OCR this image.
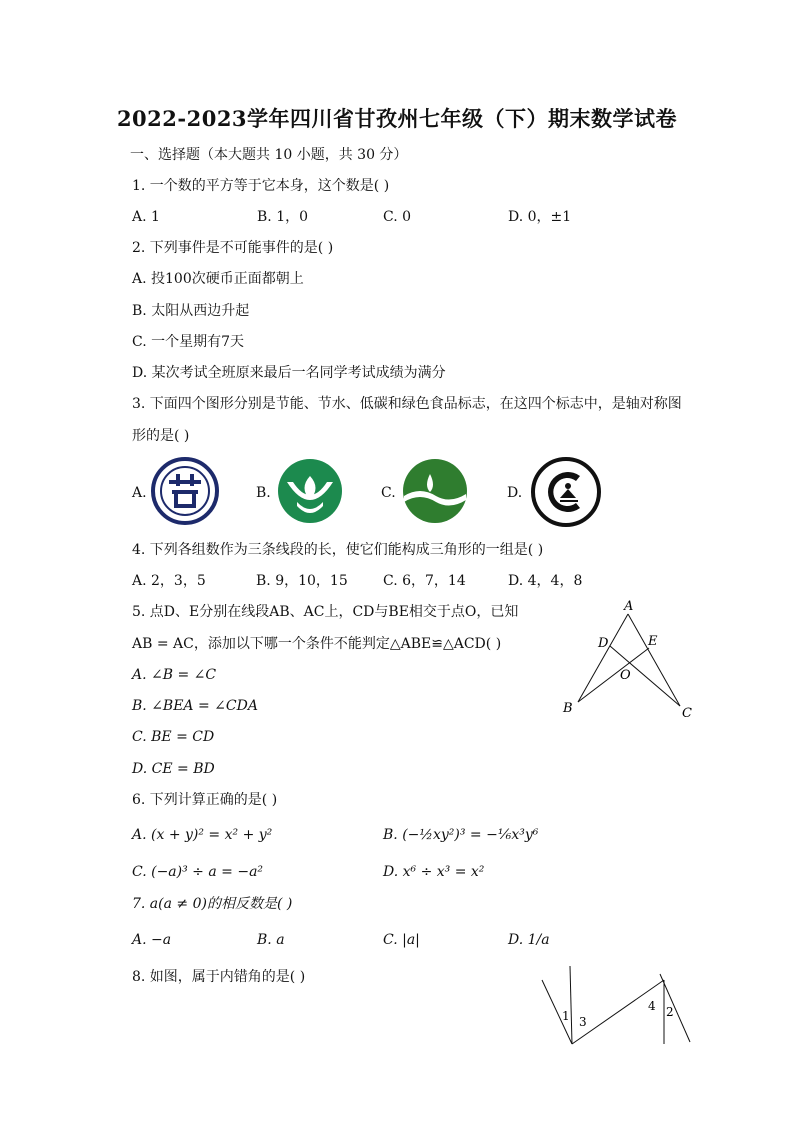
2022-2023学年四川省甘孜州七年级（下）期末数学试卷
一、选择题（本大题共 10 小题，共 30 分）
1. 一个数的平方等于它本身，这个数是( )
A. 1	B. 1，0	C. 0	D. 0，±1
2. 下列事件是不可能事件的是( )
A. 投100次硬币正面都朝上
B. 太阳从西边升起
C. 一个星期有7天
D. 某次考试全班原来最后一名同学考试成绩为满分
3. 下面四个图形分别是节能、节水、低碳和绿色食品标志，在这四个标志中，是轴对称图
形的是( )
A.	B.	C.	D.
4. 下列各组数作为三条线段的长，使它们能构成三角形的一组是( )
A. 2，3，5	B. 9，10，15	C. 6，7，14	D. 4，4，8
5. 点D、E分别在线段AB、AC上，CD与BE相交于点O，已知
AB = AC，添加以下哪一个条件不能判定△ABE≌△ACD( )
A. ∠B = ∠C
B. ∠BEA = ∠CDA
C. BE = CD
D. CE = BD
A
D	E
O
B	C
6. 下列计算正确的是( )
A. (x + y)² = x² + y²	B. (−½xy²)³ = −⅙x³y⁶
C. (−a)³ ÷ a = −a²	D. x⁶ ÷ x³ = x²
7. a(a ≠ 0)的相反数是( )
A. −a	B. a	C. |a|	D. 1/a
8. 如图，属于内错角的是( )
1 3
4 2
